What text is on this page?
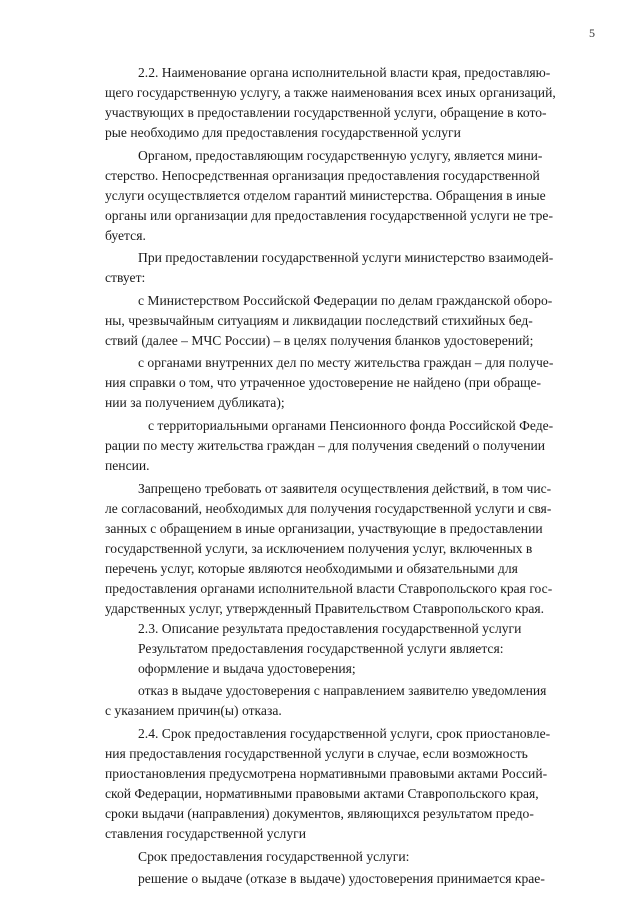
5
2.2. Наименование органа исполнительной власти края, предоставляю-
щего государственную услугу, а также наименования всех иных организаций,
участвующих в предоставлении государственной услуги, обращение в кото-
рые необходимо для предоставления государственной услуги
Органом, предоставляющим государственную услугу, является мини-
стерство. Непосредственная организация предоставления государственной
услуги осуществляется отделом гарантий министерства. Обращения в иные
органы или организации для предоставления государственной услуги не тре-
буется.
При предоставлении государственной услуги министерство взаимодей-
ствует:
с Министерством Российской Федерации по делам гражданской оборо-
ны, чрезвычайным ситуациям и ликвидации последствий стихийных бед-
ствий (далее – МЧС России) – в целях получения бланков удостоверений;
с органами внутренних дел по месту жительства граждан – для получе-
ния справки о том, что утраченное удостоверение не найдено (при обраще-
нии за получением дубликата);
с территориальными органами Пенсионного фонда Российской Феде-
рации по месту жительства граждан – для получения сведений о получении
пенсии.
Запрещено требовать от заявителя осуществления действий, в том чис-
ле согласований, необходимых для получения государственной услуги и свя-
занных с обращением в иные организации, участвующие в предоставлении
государственной услуги, за исключением получения услуг, включенных в
перечень услуг, которые являются необходимыми и обязательными для
предоставления органами исполнительной власти Ставропольского края гос-
ударственных услуг, утвержденный Правительством Ставропольского края.
2.3. Описание результата предоставления государственной услуги
Результатом предоставления государственной услуги является:
оформление и выдача удостоверения;
отказ в выдаче удостоверения с направлением заявителю уведомления
с указанием причин(ы) отказа.
2.4. Срок предоставления государственной услуги, срок приостановле-
ния предоставления государственной услуги в случае, если возможность
приостановления предусмотрена нормативными правовыми актами Россий-
ской Федерации, нормативными правовыми актами Ставропольского края,
сроки выдачи (направления) документов, являющихся результатом предо-
ставления государственной услуги
Срок предоставления государственной услуги:
решение о выдаче (отказе в выдаче) удостоверения принимается крае-
